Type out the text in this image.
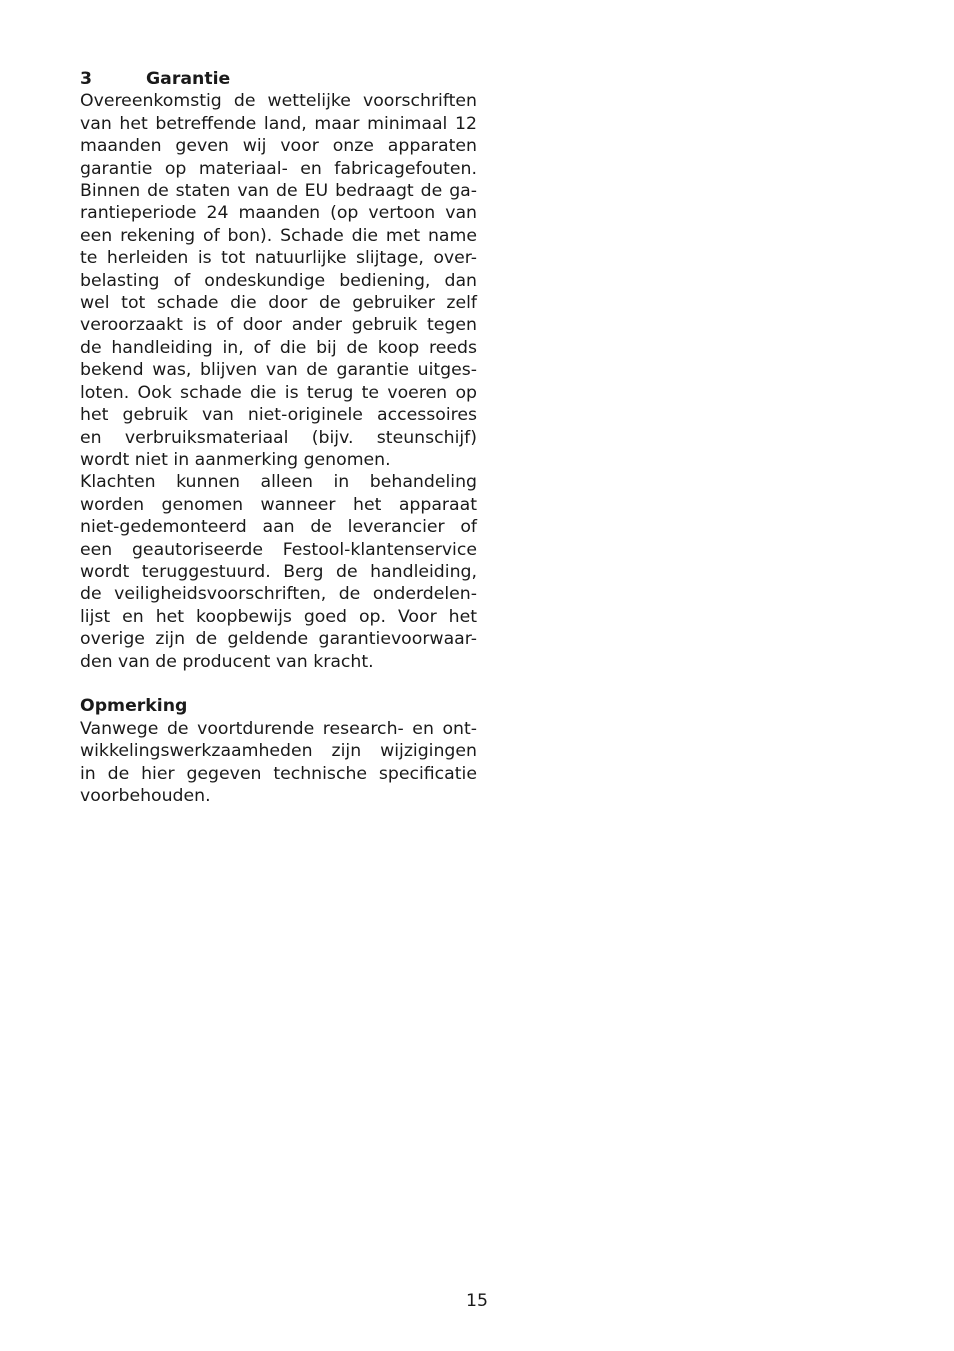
3	Garantie
Overeenkomstig de wettelijke voorschriften
van het betreffende land, maar minimaal 12
maanden geven wij voor onze apparaten
garantie op materiaal- en fabricagefouten.
Binnen de staten van de EU bedraagt de ga-
rantieperiode 24 maanden (op vertoon van
een rekening of bon). Schade die met name
te herleiden is tot natuurlijke slijtage, over-
belasting of ondeskundige bediening, dan
wel tot schade die door de gebruiker zelf
veroorzaakt is of door ander gebruik tegen
de handleiding in, of die bij de koop reeds
bekend was, blijven van de garantie uitges-
loten. Ook schade die is terug te voeren op
het gebruik van niet-originele accessoires
en verbruiksmateriaal (bijv. steunschijf)
wordt niet in aanmerking genomen.
Klachten kunnen alleen in behandeling
worden genomen wanneer het apparaat
niet-gedemonteerd aan de leverancier of
een geautoriseerde Festool-klantenservice
wordt teruggestuurd. Berg de handleiding,
de veiligheidsvoorschriften, de onderdelen-
lijst en het koopbewijs goed op. Voor het
overige zijn de geldende garantievoorwaar-
den van de producent van kracht.
Opmerking
Vanwege de voortdurende research- en ont-
wikkelingswerkzaamheden zijn wijzigingen
in de hier gegeven technische specificatie
voorbehouden.
15
